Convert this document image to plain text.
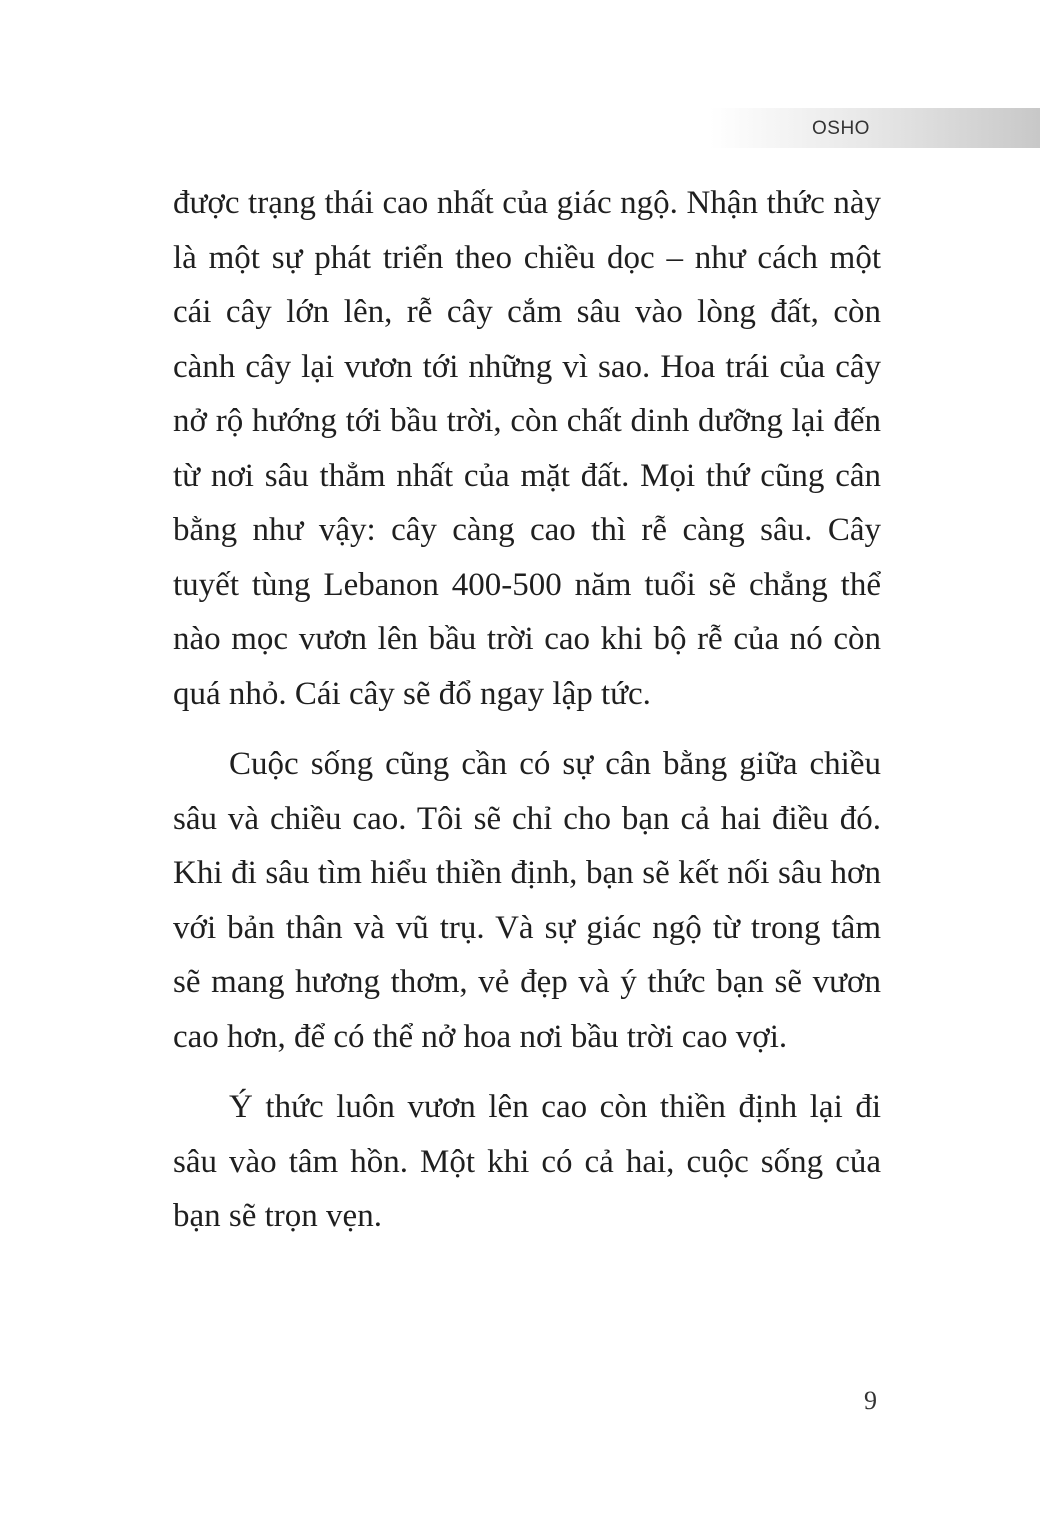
OSHO

được trạng thái cao nhất của giác ngộ. Nhận thức này là một sự phát triển theo chiều dọc – như cách một cái cây lớn lên, rễ cây cắm sâu vào lòng đất, còn cành cây lại vươn tới những vì sao. Hoa trái của cây nở rộ hướng tới bầu trời, còn chất dinh dưỡng lại đến từ nơi sâu thẳm nhất của mặt đất. Mọi thứ cũng cân bằng như vậy: cây càng cao thì rễ càng sâu. Cây tuyết tùng Lebanon 400-500 năm tuổi sẽ chẳng thể nào mọc vươn lên bầu trời cao khi bộ rễ của nó còn quá nhỏ. Cái cây sẽ đổ ngay lập tức.

Cuộc sống cũng cần có sự cân bằng giữa chiều sâu và chiều cao. Tôi sẽ chỉ cho bạn cả hai điều đó. Khi đi sâu tìm hiểu thiền định, bạn sẽ kết nối sâu hơn với bản thân và vũ trụ. Và sự giác ngộ từ trong tâm sẽ mang hương thơm, vẻ đẹp và ý thức bạn sẽ vươn cao hơn, để có thể nở hoa nơi bầu trời cao vợi.

Ý thức luôn vươn lên cao còn thiền định lại đi sâu vào tâm hồn. Một khi có cả hai, cuộc sống của bạn sẽ trọn vẹn.

9
